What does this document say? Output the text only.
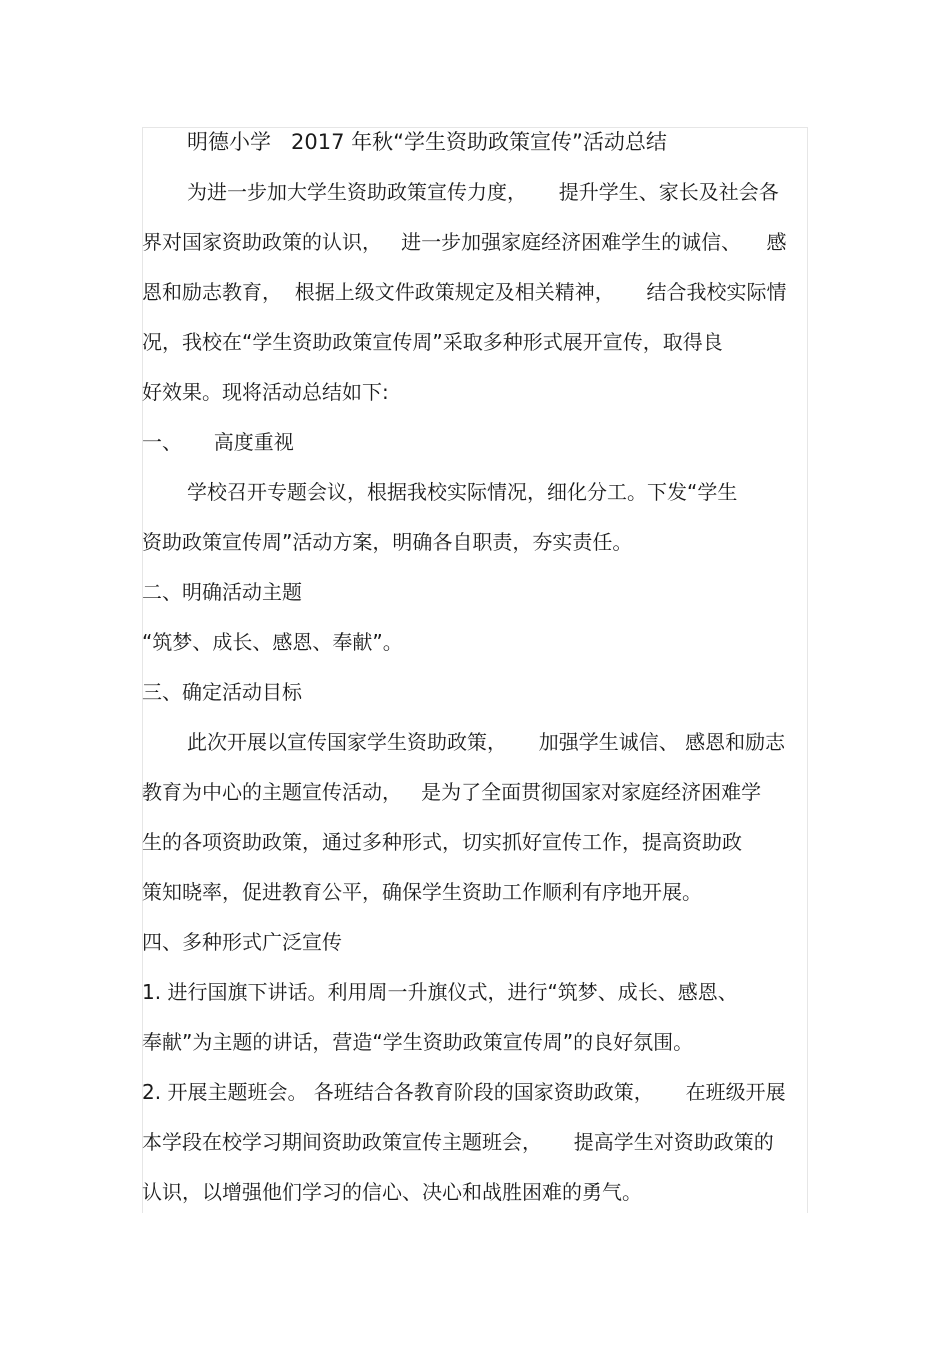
明德小学   2017 年秋“学生资助政策宣传”活动总结
为进一步加大学生资助政策宣传力度，     提升学生、家长及社会各
界对国家资助政策的认识，   进一步加强家庭经济困难学生的诚信、    感
恩和励志教育，  根据上级文件政策规定及相关精神，     结合我校实际情
况，我校在“学生资助政策宣传周”采取多种形式展开宣传，取得良
好效果。现将活动总结如下:
一、     高度重视
学校召开专题会议，根据我校实际情况，细化分工。下发“学生
资助政策宣传周”活动方案，明确各自职责，夯实责任。
二、明确活动主题
“筑梦、成长、感恩、奉献”。
三、确定活动目标
此次开展以宣传国家学生资助政策，     加强学生诚信、 感恩和励志
教育为中心的主题宣传活动，   是为了全面贯彻国家对家庭经济困难学
生的各项资助政策，通过多种形式，切实抓好宣传工作，提高资助政
策知晓率，促进教育公平，确保学生资助工作顺利有序地开展。
四、多种形式广泛宣传
1. 进行国旗下讲话。利用周一升旗仪式，进行“筑梦、成长、感恩、
奉献”为主题的讲话，营造“学生资助政策宣传周”的良好氛围。
2. 开展主题班会。 各班结合各教育阶段的国家资助政策，     在班级开展
本学段在校学习期间资助政策宣传主题班会，     提高学生对资助政策的
认识，以增强他们学习的信心、决心和战胜困难的勇气。
